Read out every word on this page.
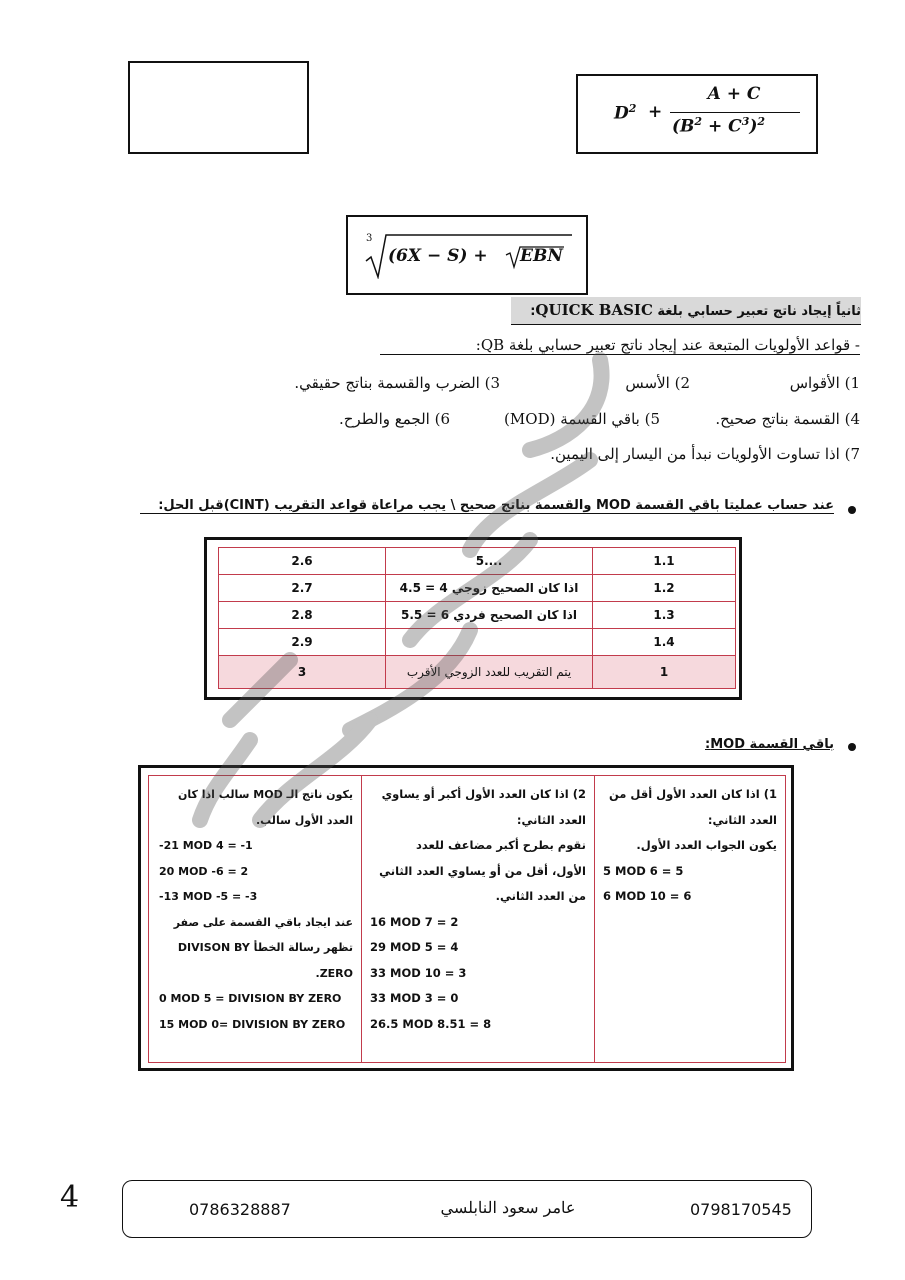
$D^2$ +
A + C
$(B^2 + C^3)^2$
3
(6X − S) + EBN
ثانياً إيجاد ناتج تعبير حسابي بلغة QUICK BASIC:
- قواعد الأولويات المتبعة عند إيجاد ناتج تعبير حسابي بلغة QB:
1) الأقواس
2) الأسس
3) الضرب والقسمة بناتج حقيقي.
4) القسمة بناتج صحيح.
5) باقي القسمة (MOD)
6) الجمع والطرح.
7) اذا تساوت الأولويات نبدأ من اليسار إلى اليمين.
عند حساب عمليتا باقي القسمة MOD والقسمة بناتج صحيح \ يجب مراعاة قواعد التقريب (CINT)قبل الحل:
1.1	....5	2.6
1.2	اذا كان الصحيح زوجي 4 = 4.5	2.7
1.3	اذا كان الصحيح فردي 6 = 5.5	2.8
1.4		2.9
1	يتم التقريب للعدد الزوجي الأقرب	3
باقي القسمة MOD:
1) اذا كان العدد الأول أقل من
العدد الثاني:
يكون الجواب العدد الأول.
5 MOD 6 = 5
6 MOD 10 = 6
2) اذا كان العدد الأول أكبر أو يساوي
العدد الثاني:
نقوم بطرح أكبر مضاعف للعدد
الأول، أقل من أو يساوي العدد الثاني
من العدد الثاني.
16 MOD 7 = 2
29 MOD 5 = 4
33 MOD 10 = 3
33 MOD 3 = 0
26.5 MOD 8.51 = 8
يكون ناتج الـ MOD سالب اذا كان
العدد الأول سالب.
-21 MOD 4 = -1
20 MOD -6 = 2
-13 MOD -5 = -3
عند ايجاد باقي القسمة على صفر
تظهر رسالة الخطأ DIVISON BY
ZERO.
0 MOD 5 = DIVISION BY ZERO
15 MOD 0= DIVISION BY ZERO
4	0786328887	عامر سعود النابلسي	0798170545
